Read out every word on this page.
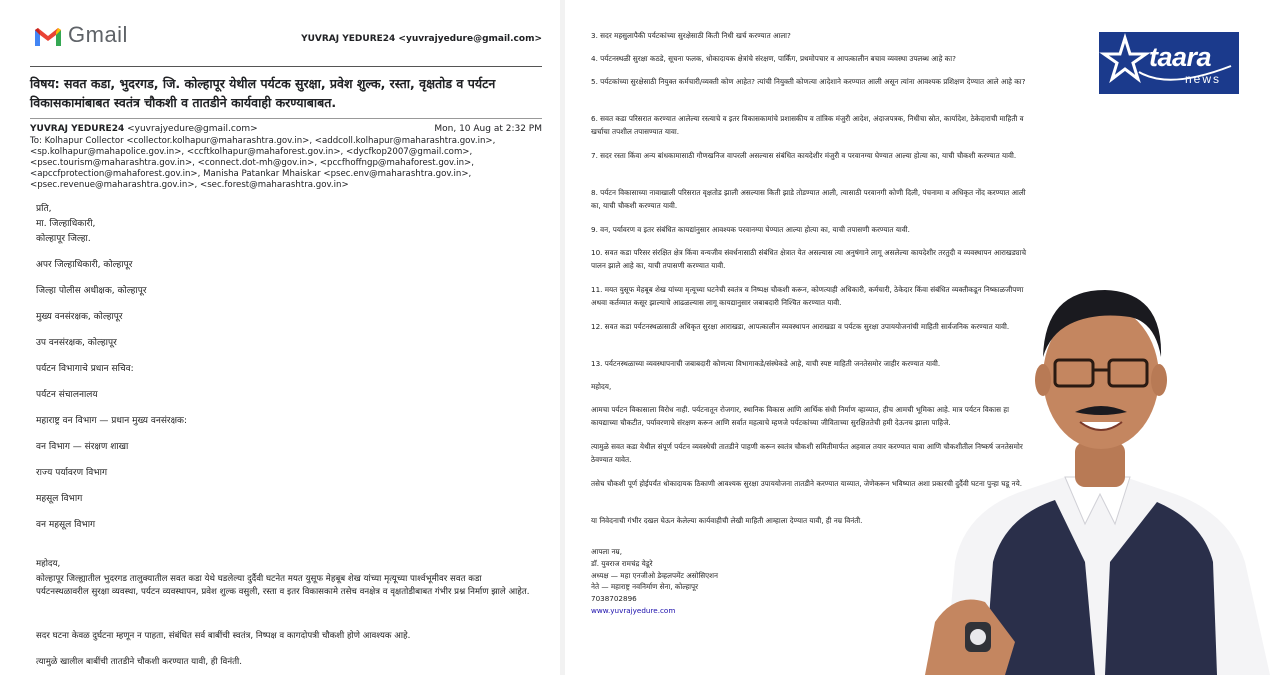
Gmail	YUVRAJ YEDURE24 <yuvrajyedure@gmail.com>
विषय: सवत कडा, भुदरगड, जि. कोल्हापूर येथील पर्यटक सुरक्षा, प्रवेश शुल्क, रस्ता, वृक्षतोड व पर्यटन विकासकामांबाबत स्वतंत्र चौकशी व तातडीने कार्यवाही करण्याबाबत.
YUVRAJ YEDURE24 <yuvrajyedure@gmail.com>	Mon, 10 Aug at 2:32 PM
To: Kolhapur Collector <collector.kolhapur@maharashtra.gov.in>, <addcoll.kolhapur@maharashtra.gov.in>,
<sp.kolhapur@mahapolice.gov.in>, <ccftkolhapur@mahaforest.gov.in>, <dycfkop2007@gmail.com>,
<psec.tourism@maharashtra.gov.in>, <connect.dot-mh@gov.in>, <pccfhoffngp@mahaforest.gov.in>,
<apccfprotection@mahaforest.gov.in>, Manisha Patankar Mhaiskar <psec.env@maharashtra.gov.in>,
<psec.revenue@maharashtra.gov.in>, <sec.forest@maharashtra.gov.in>
प्रति,
मा. जिल्हाधिकारी,
कोल्हापूर जिल्हा.
अपर जिल्हाधिकारी, कोल्हापूर
जिल्हा पोलीस अधीक्षक, कोल्हापूर
मुख्य वनसंरक्षक, कोल्हापूर
उप वनसंरक्षक, कोल्हापूर
पर्यटन विभागाचे प्रधान सचिव:
पर्यटन संचालनालय
महाराष्ट्र वन विभाग — प्रधान मुख्य वनसंरक्षक:
वन विभाग — संरक्षण शाखा
राज्य पर्यावरण विभाग
महसूल विभाग
वन महसूल विभाग
महोदय,
कोल्हापूर जिल्ह्यातील भुदरगड तालुक्यातील सवत कडा येथे घडलेल्या दुर्दैवी घटनेत मयत युसूफ मेहबूब शेख यांच्या मृत्यूच्या पार्श्वभूमीवर सवत कडा पर्यटनस्थळावरील सुरक्षा व्यवस्था, पर्यटन व्यवस्थापन, प्रवेश शुल्क वसुली, रस्ता व इतर विकासकामे तसेच वनक्षेत्र व वृक्षतोडीबाबत गंभीर प्रश्न निर्माण झाले आहेत.
सदर घटना केवळ दुर्घटना म्हणून न पाहता, संबंधित सर्व बाबींची स्वतंत्र, निष्पक्ष व कागदोपत्री चौकशी होणे आवश्यक आहे.
त्यामुळे खालील बाबींची तातडीने चौकशी करण्यात यावी, ही विनंती.
3. सदर महसुलापैकी पर्यटकांच्या सुरक्षेसाठी किती निधी खर्च करण्यात आला?
4. पर्यटनस्थळी सुरक्षा कठडे, सूचना फलक, धोकादायक क्षेत्रांचे संरक्षण, पार्किंग, प्रथमोपचार व आपत्कालीन बचाव व्यवस्था उपलब्ध आहे का?
5. पर्यटकांच्या सुरक्षेसाठी नियुक्त कर्मचारी/व्यक्ती कोण आहेत? त्यांची नियुक्ती कोणत्या आदेशाने करण्यात आली असून त्यांना आवश्यक प्रशिक्षण देण्यात आले आहे का?
6. सवत कडा परिसरात करण्यात आलेल्या रस्त्याचे व इतर विकासकामांचे प्रशासकीय व तांत्रिक मंजुरी आदेश, अंदाजपत्रक, निधीचा स्रोत, कार्यादेश, ठेकेदाराची माहिती व खर्चाचा तपशील तपासण्यात यावा.
7. सदर रस्ता किंवा अन्य बांधकामासाठी गौणखनिज वापरली असल्यास संबंधित कायदेशीर मंजुरी व परवानग्या घेण्यात आल्या होत्या का, याची चौकशी करण्यात यावी.
8. पर्यटन विकासाच्या नावाखाली परिसरात वृक्षतोड झाली असल्यास किती झाडे तोडण्यात आली, त्यासाठी परवानगी कोणी दिली, पंचनामा व अधिकृत नोंद करण्यात आली का, याची चौकशी करण्यात यावी.
9. वन, पर्यावरण व इतर संबंधित कायद्यांनुसार आवश्यक परवानग्या घेण्यात आल्या होत्या का, याची तपासणी करण्यात यावी.
10. सवत कडा परिसर संरक्षित क्षेत्र किंवा वन्यजीव संवर्धनासाठी संबंधित क्षेत्रात येत असल्यास त्या अनुषंगाने लागू असलेल्या कायदेशीर तरतुदी व व्यवस्थापन आराखड्याचे पालन झाले आहे का, याची तपासणी करण्यात यावी.
11. मयत युसूफ मेहबूब शेख यांच्या मृत्यूच्या घटनेची स्वतंत्र व निष्पक्ष चौकशी करून, कोणत्याही अधिकारी, कर्मचारी, ठेकेदार किंवा संबंधित व्यक्तीकडून निष्काळजीपणा अथवा कर्तव्यात कसूर झाल्याचे आढळल्यास लागू कायद्यानुसार जबाबदारी निश्चित करण्यात यावी.
12. सवत कडा पर्यटनस्थळासाठी अधिकृत सुरक्षा आराखडा, आपत्कालीन व्यवस्थापन आराखडा व पर्यटक सुरक्षा उपाययोजनांची माहिती सार्वजनिक करण्यात यावी.
13. पर्यटनस्थळाच्या व्यवस्थापनाची जबाबदारी कोणत्या विभागाकडे/संस्थेकडे आहे, याची स्पष्ट माहिती जनतेसमोर जाहीर करण्यात यावी.
महोदय,
आमचा पर्यटन विकासाला विरोध नाही. पर्यटनातून रोजगार, स्थानिक विकास आणि आर्थिक संधी निर्माण व्हाव्यात, हीच आमची भूमिका आहे. मात्र पर्यटन विकास हा कायद्याच्या चौकटीत, पर्यावरणाचे संरक्षण करून आणि सर्वात महत्वाचे म्हणजे पर्यटकांच्या जीविताच्या सुरक्षिततेची हमी देऊनच झाला पाहिजे.
त्यामुळे सवत कडा येथील संपूर्ण पर्यटन व्यवस्थेची तातडीने पाहणी करून स्वतंत्र चौकशी समितीमार्फत अहवाल तयार करण्यात यावा आणि चौकशीतील निष्कर्ष जनतेसमोर ठेवण्यात यावेत.
तसेच चौकशी पूर्ण होईपर्यंत धोकादायक ठिकाणी आवश्यक सुरक्षा उपाययोजना तातडीने करण्यात याव्यात, जेणेकरून भविष्यात अशा प्रकारची दुर्दैवी घटना पुन्हा घडू नये.
या निवेदनाची गंभीर दखल घेऊन केलेल्या कार्यवाहीची लेखी माहिती आम्हाला देण्यात यावी, ही नम्र विनंती.
आपला नम्र,
डॉ. युवराज रामचंद्र येडूरे
अध्यक्ष — महा एनजीओ डेव्हलपमेंट असोसिएशन
नेते — महाराष्ट्र नवनिर्माण सेना, कोल्हापूर
7038702896
www.yuvrajyedure.com
taara
news
